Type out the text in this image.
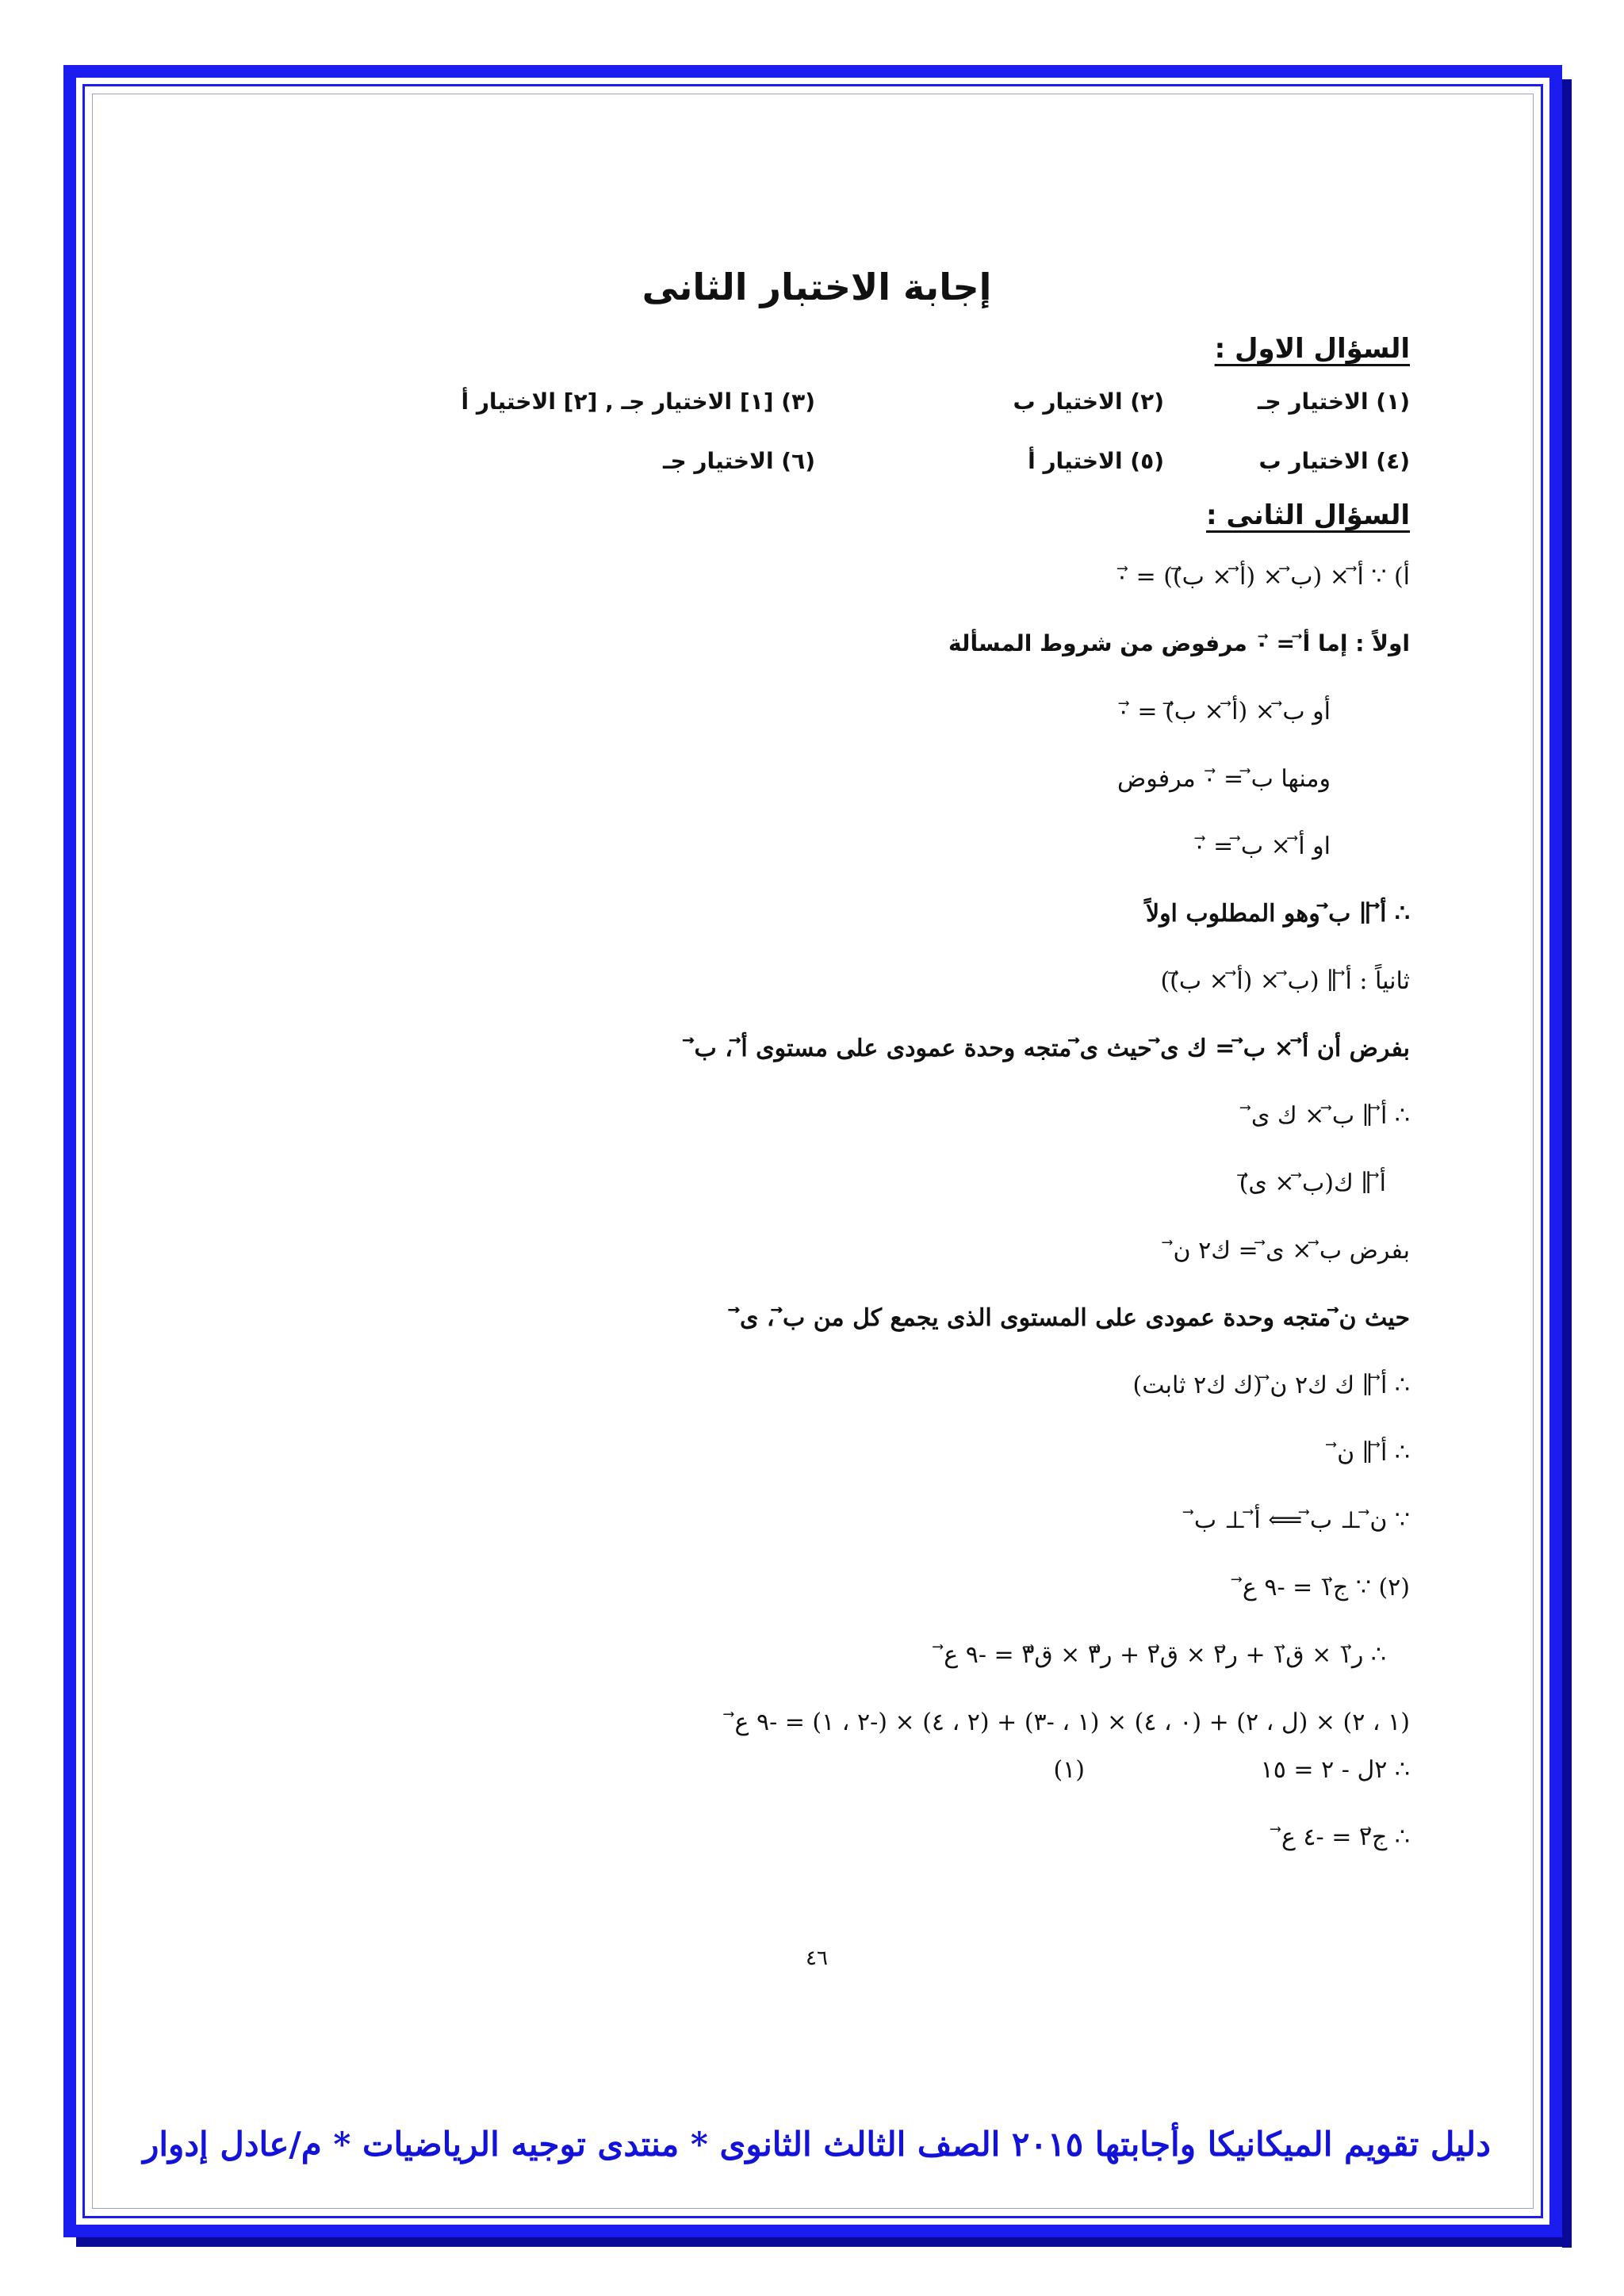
إجابة الاختبار الثانى
السؤال الاول :
(١) الاختيار جـ
(٢) الاختيار ب
(٣) [١] الاختيار جـ , [٢] الاختيار أ
(٤) الاختيار ب
(٥) الاختيار أ
(٦) الاختيار جـ
السؤال الثانى :
أ) ∵ أ⃗ × (ب⃗ × (أ⃗ × ب⃗)) = ٠⃗
اولاً : إما أ⃗ = ٠⃗ مرفوض من شروط المسألة
أو ب⃗ × (أ⃗ × ب⃗) = ٠⃗
ومنها ب⃗ = ٠⃗ مرفوض
او أ⃗ × ب⃗ = ٠⃗
∴ أ⃗ ∥ ب⃗ وهو المطلوب اولاً
ثانياً : أ⃗ ∥ (ب⃗ × (أ⃗ × ب⃗))
بفرض أن أ⃗ × ب⃗ = ك ى⃗ حيث ى⃗ متجه وحدة عمودى على مستوى أ⃗ ، ب⃗
∴ أ⃗ ∥ ب⃗ × ك ى⃗
أ⃗ ∥ ك(ب⃗ × ى⃗)
بفرض ب⃗ × ى⃗ = ك٢ ن⃗
حيث ن⃗ متجه وحدة عمودى على المستوى الذى يجمع كل من ب⃗ ، ى⃗
∴ أ⃗ ∥ ك ك٢ ن⃗ (ك ك٢ ثابت)
∴ أ⃗ ∥ ن⃗
∵ ن⃗ ⊥ ب⃗ ⟸ أ⃗ ⊥ ب⃗
(٢) ∵ ج⃗١ = -٩ ع⃗
∴ ر⃗١ × ق⃗١ + ر⃗٢ × ق⃗٢ + ر⃗٣ × ق⃗٣ = -٩ ع⃗
(١ ، ٢) × (ل ، ٢) + (٠ ، ٤) × (١ ، -٣) + (٢ ، ٤) × (-٢ ، ١) = -٩ ع⃗
∴ ٢ل - ٢ = ١٥
(١)
∴ ج⃗٢ = -٤ ع⃗
٤٦
دليل تقويم الميكانيكا وأجابتها ٢٠١٥ الصف الثالث الثانوى * منتدى توجيه الرياضيات * م/عادل إدوار
